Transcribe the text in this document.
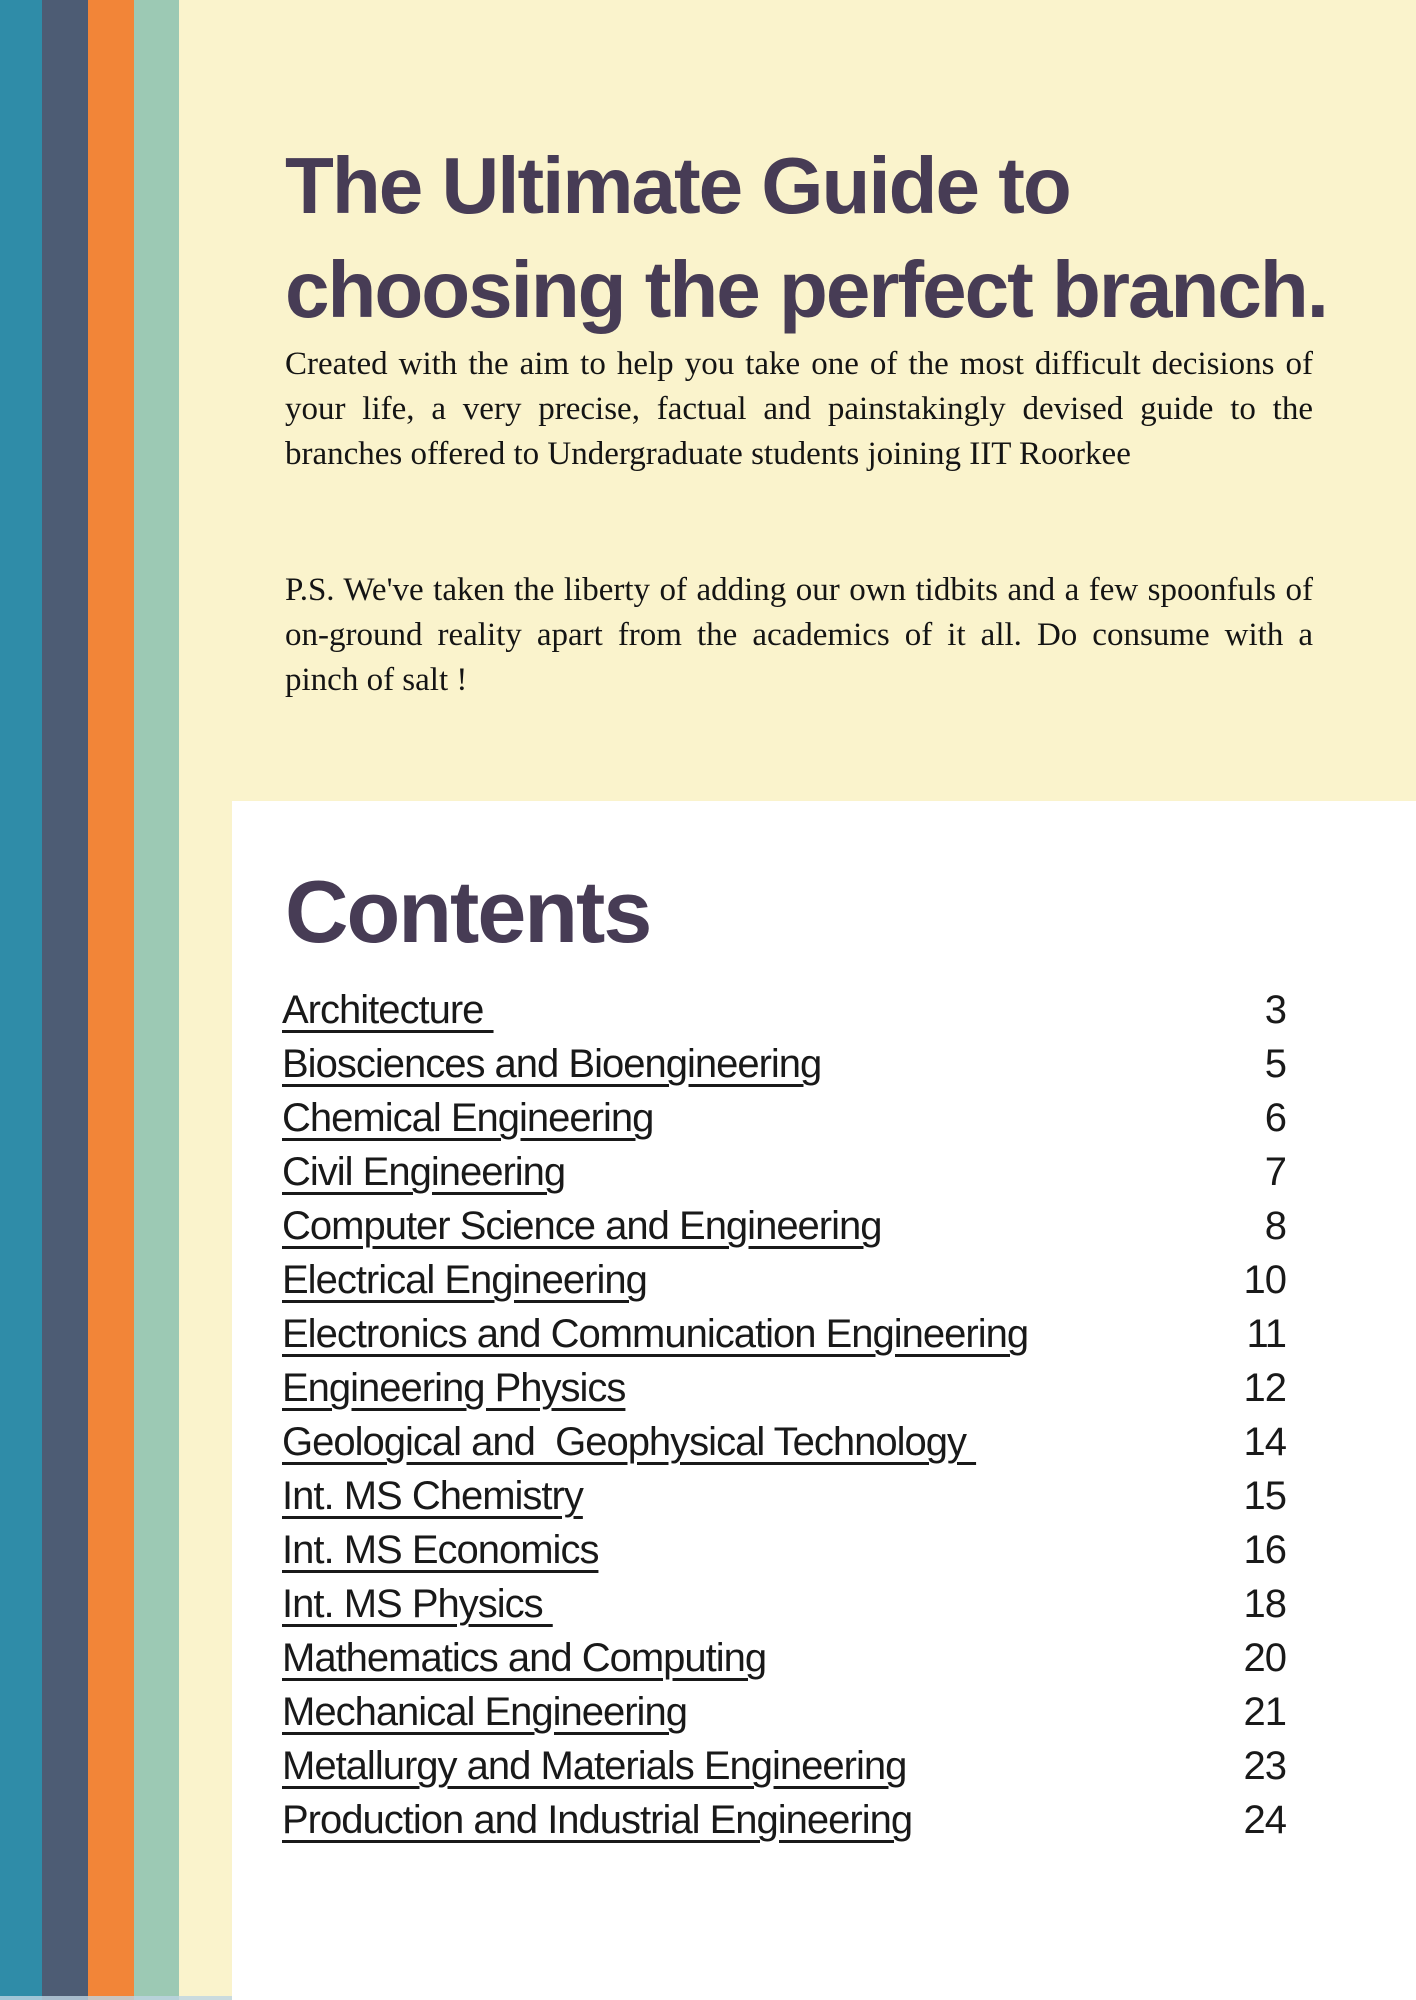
The Ultimate Guide to
choosing the perfect branch.

Created with the aim to help you take one of the most difficult decisions of your life, a very precise, factual and painstakingly devised guide to the branches offered to Undergraduate students joining IIT Roorkee

P.S. We've taken the liberty of adding our own tidbits and a few spoonfuls of on-ground reality apart from the academics of it all. Do consume with a pinch of salt !

Contents
Architecture	3
Biosciences and Bioengineering	5
Chemical Engineering	6
Civil Engineering	7
Computer Science and Engineering	8
Electrical Engineering	10
Electronics and Communication Engineering	11
Engineering Physics	12
Geological and  Geophysical Technology	14
Int. MS Chemistry	15
Int. MS Economics	16
Int. MS Physics	18
Mathematics and Computing	20
Mechanical Engineering	21
Metallurgy and Materials Engineering	23
Production and Industrial Engineering	24
